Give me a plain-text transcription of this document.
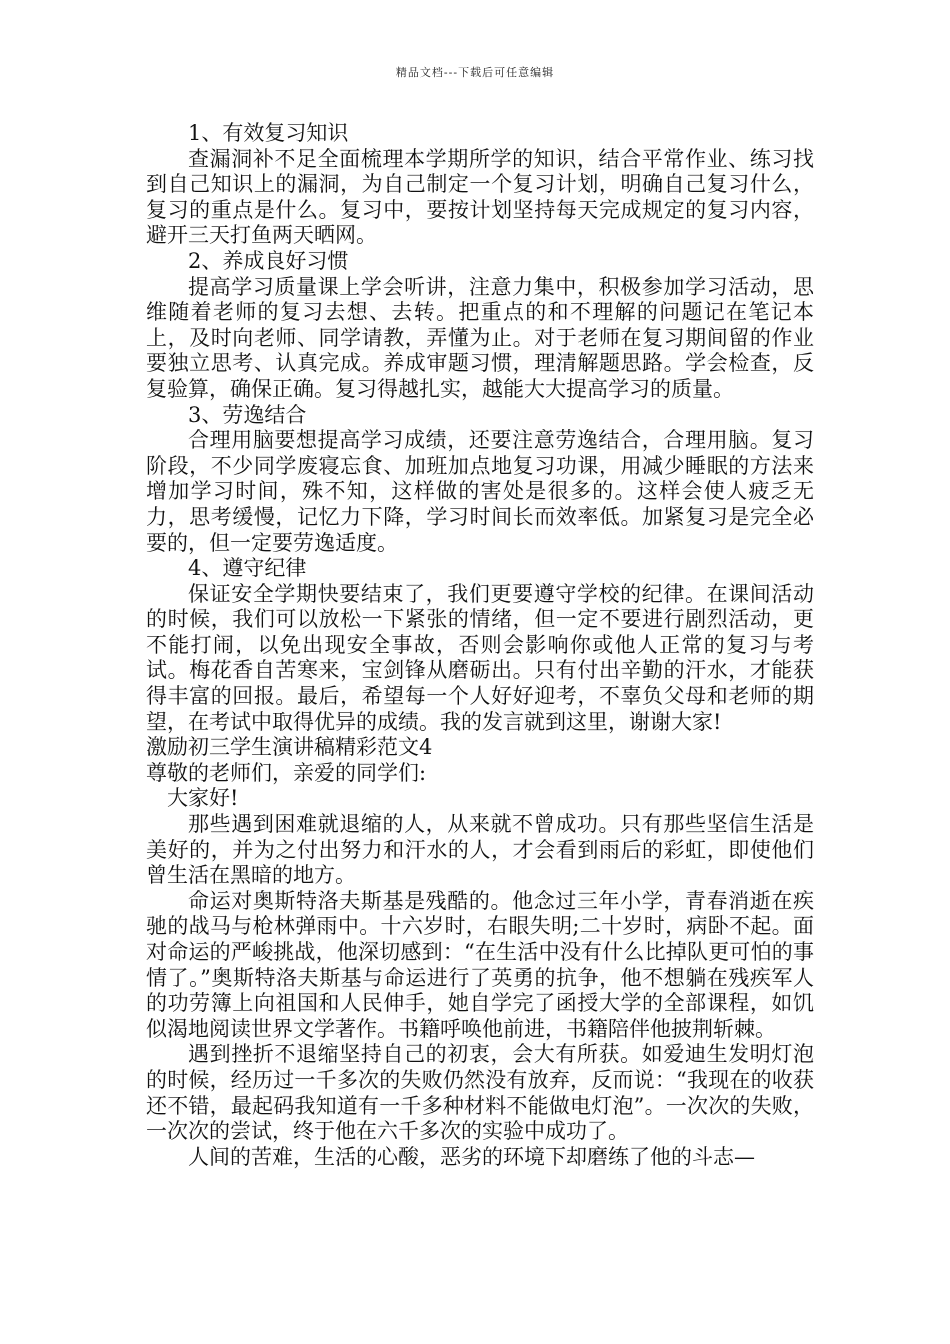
精品文档---下载后可任意编辑

1、有效复习知识

查漏洞补不足全面梳理本学期所学的知识，结合平常作业、练习找到自己知识上的漏洞，为自己制定一个复习计划，明确自己复习什么，复习的重点是什么。复习中，要按计划坚持每天完成规定的复习内容，避开三天打鱼两天晒网。

2、养成良好习惯

提高学习质量课上学会听讲，注意力集中，积极参加学习活动，思维随着老师的复习去想、去转。把重点的和不理解的问题记在笔记本上，及时向老师、同学请教，弄懂为止。对于老师在复习期间留的作业要独立思考、认真完成。养成审题习惯，理清解题思路。学会检查，反复验算，确保正确。复习得越扎实，越能大大提高学习的质量。

3、劳逸结合

合理用脑要想提高学习成绩，还要注意劳逸结合，合理用脑。复习阶段，不少同学废寝忘食、加班加点地复习功课，用减少睡眠的方法来增加学习时间，殊不知，这样做的害处是很多的。这样会使人疲乏无力，思考缓慢，记忆力下降，学习时间长而效率低。加紧复习是完全必要的，但一定要劳逸适度。

4、遵守纪律

保证安全学期快要结束了，我们更要遵守学校的纪律。在课间活动的时候，我们可以放松一下紧张的情绪，但一定不要进行剧烈活动，更不能打闹，以免出现安全事故，否则会影响你或他人正常的复习与考试。梅花香自苦寒来，宝剑锋从磨砺出。只有付出辛勤的汗水，才能获得丰富的回报。最后，希望每一个人好好迎考，不辜负父母和老师的期望，在考试中取得优异的成绩。我的发言就到这里，谢谢大家!

激励初三学生演讲稿精彩范文4

尊敬的老师们，亲爱的同学们:

大家好!

那些遇到困难就退缩的人，从来就不曾成功。只有那些坚信生活是美好的，并为之付出努力和汗水的人，才会看到雨后的彩虹，即使他们曾生活在黑暗的地方。

命运对奥斯特洛夫斯基是残酷的。他念过三年小学，青春消逝在疾驰的战马与枪林弹雨中。十六岁时，右眼失明;二十岁时，病卧不起。面对命运的严峻挑战，他深切感到：“在生活中没有什么比掉队更可怕的事情了。”奥斯特洛夫斯基与命运进行了英勇的抗争，他不想躺在残疾军人的功劳簿上向祖国和人民伸手，她自学完了函授大学的全部课程，如饥似渴地阅读世界文学著作。书籍呼唤他前进，书籍陪伴他披荆斩棘。

遇到挫折不退缩坚持自己的初衷，会大有所获。如爱迪生发明灯泡的时候，经历过一千多次的失败仍然没有放弃，反而说：“我现在的收获还不错，最起码我知道有一千多种材料不能做电灯泡”。一次次的失败，一次次的尝试，终于他在六千多次的实验中成功了。

人间的苦难，生活的心酸，恶劣的环境下却磨练了他的斗志—
